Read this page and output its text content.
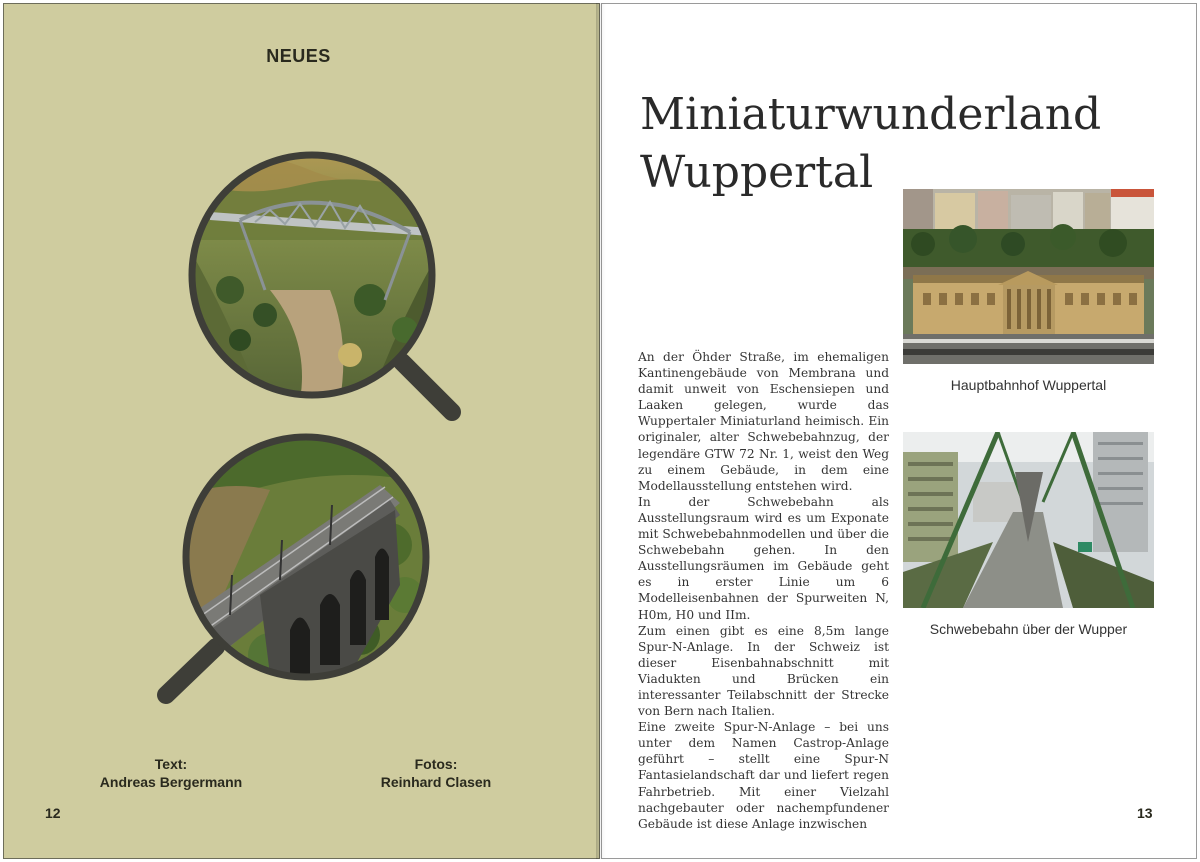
NEUES
Text:
Andreas Bergermann
Fotos:
Reinhard Clasen
12
Miniaturwunderland
Wuppertal

An der Öhder Straße, im ehemaligen Kantinengebäude von Membrana und damit unweit von Eschensiepen und Laaken gelegen, wurde das Wuppertaler Miniaturland heimisch. Ein originaler, alter Schwebebahnzug, der legendäre GTW 72 Nr. 1, weist den Weg zu einem Gebäude, in dem eine Modellausstellung entstehen wird.

In der Schwebebahn als Ausstellungsraum wird es um Exponate mit Schwebebahnmodellen und über die Schwebebahn gehen. In den Ausstellungsräumen im Gebäude geht es in erster Linie um 6 Modelleisenbahnen der Spurweiten N, H0m, H0 und IIm.

Zum einen gibt es eine 8,5m lange Spur-N-Anlage. In der Schweiz ist dieser Eisenbahnabschnitt mit Viadukten und Brücken ein interessanter Teilabschnitt der Strecke von Bern nach Italien.

Eine zweite Spur-N-Anlage – bei uns unter dem Namen Castrop-Anlage geführt – stellt eine Spur-N Fantasielandschaft dar und liefert regen Fahrbetrieb. Mit einer Vielzahl nachgebauter oder nachempfundener Gebäude ist diese Anlage inzwischen

Hauptbahnhof Wuppertal
Schwebebahn über der Wupper
13
